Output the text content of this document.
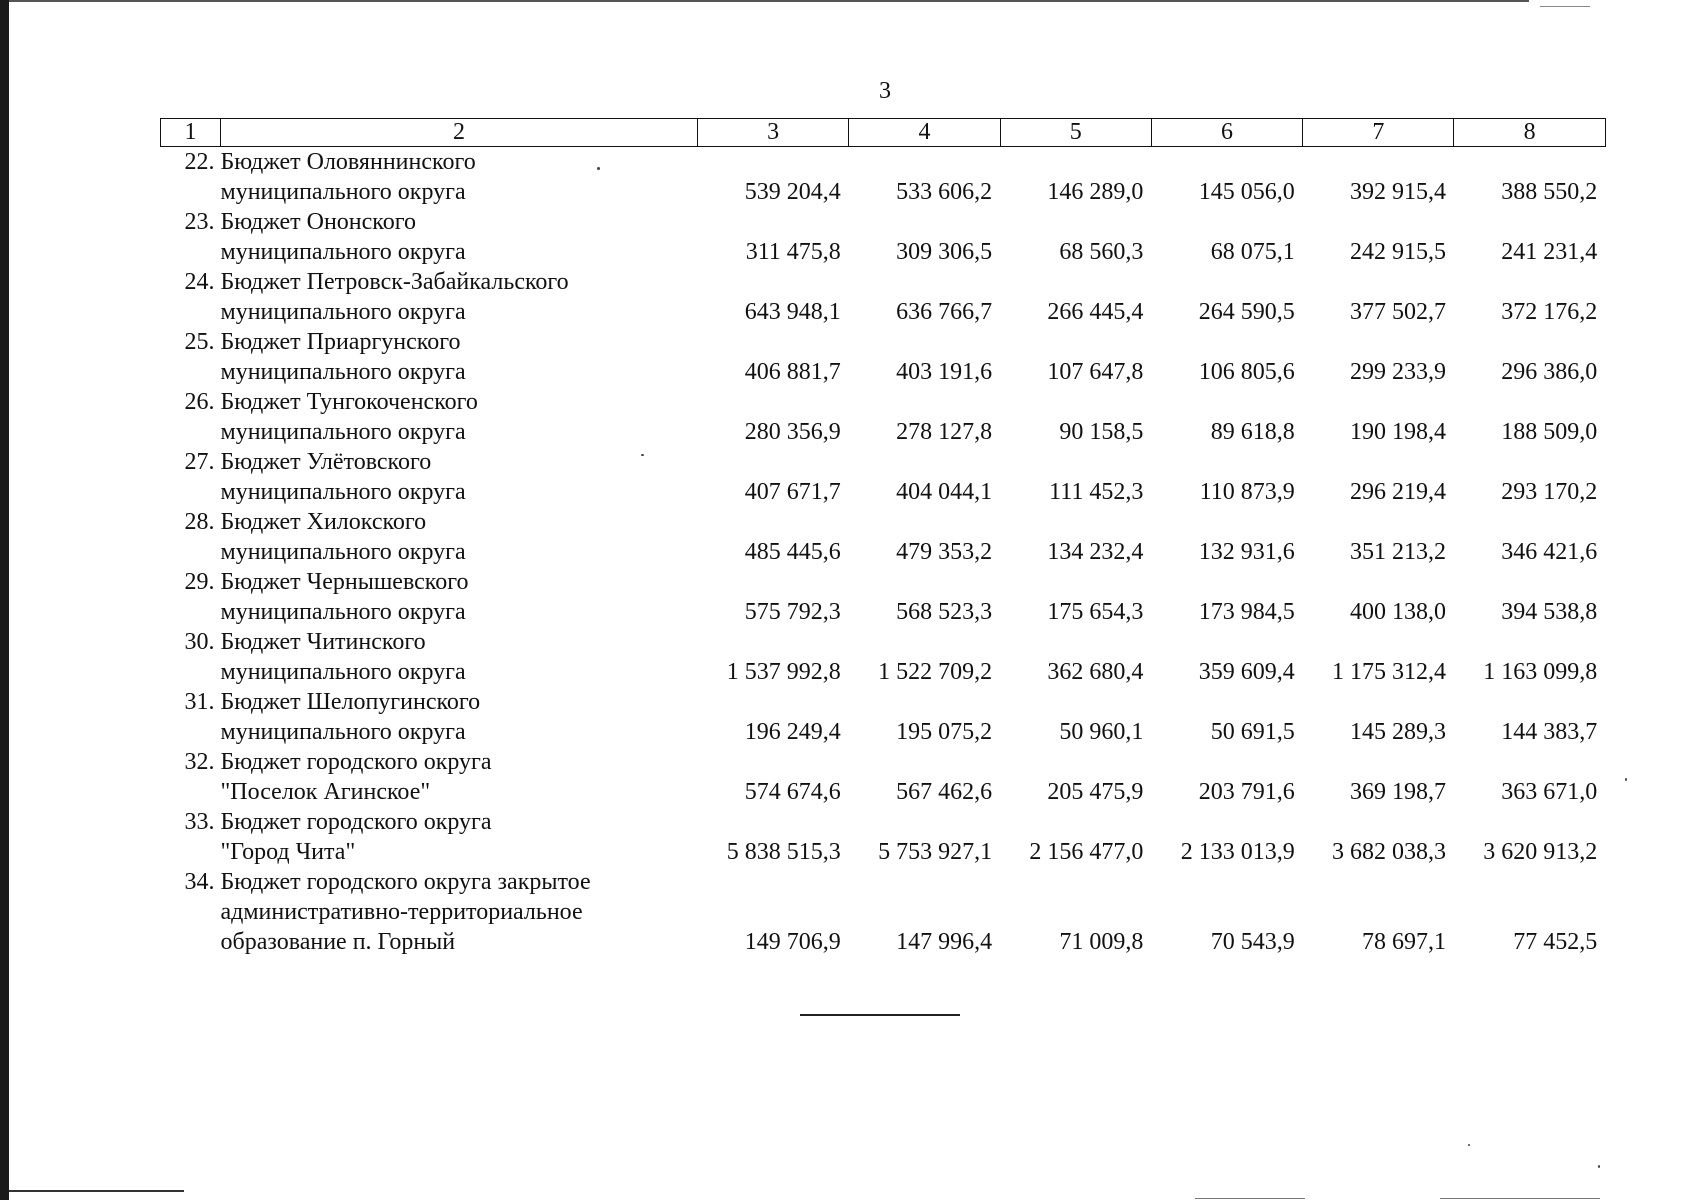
3
1	2	3	4	5	6	7	8
22.	Бюджет Оловяннинского
муниципального округа	539 204,4	533 606,2	146 289,0	145 056,0	392 915,4	388 550,2
23.	Бюджет Ононского
муниципального округа	311 475,8	309 306,5	68 560,3	68 075,1	242 915,5	241 231,4
24.	Бюджет Петровск-Забайкальского
муниципального округа	643 948,1	636 766,7	266 445,4	264 590,5	377 502,7	372 176,2
25.	Бюджет Приаргунского
муниципального округа	406 881,7	403 191,6	107 647,8	106 805,6	299 233,9	296 386,0
26.	Бюджет Тунгокоченского
муниципального округа	280 356,9	278 127,8	90 158,5	89 618,8	190 198,4	188 509,0
27.	Бюджет Улётовского
муниципального округа	407 671,7	404 044,1	111 452,3	110 873,9	296 219,4	293 170,2
28.	Бюджет Хилокского
муниципального округа	485 445,6	479 353,2	134 232,4	132 931,6	351 213,2	346 421,6
29.	Бюджет Чернышевского
муниципального округа	575 792,3	568 523,3	175 654,3	173 984,5	400 138,0	394 538,8
30.	Бюджет Читинского
муниципального округа	1 537 992,8	1 522 709,2	362 680,4	359 609,4	1 175 312,4	1 163 099,8
31.	Бюджет Шелопугинского
муниципального округа	196 249,4	195 075,2	50 960,1	50 691,5	145 289,3	144 383,7
32.	Бюджет городского округа
"Поселок Агинское"	574 674,6	567 462,6	205 475,9	203 791,6	369 198,7	363 671,0
33.	Бюджет городского округа
"Город Чита"	5 838 515,3	5 753 927,1	2 156 477,0	2 133 013,9	3 682 038,3	3 620 913,2
34.	Бюджет городского округа закрытое
административно-территориальное
образование п. Горный	149 706,9	147 996,4	71 009,8	70 543,9	78 697,1	77 452,5
